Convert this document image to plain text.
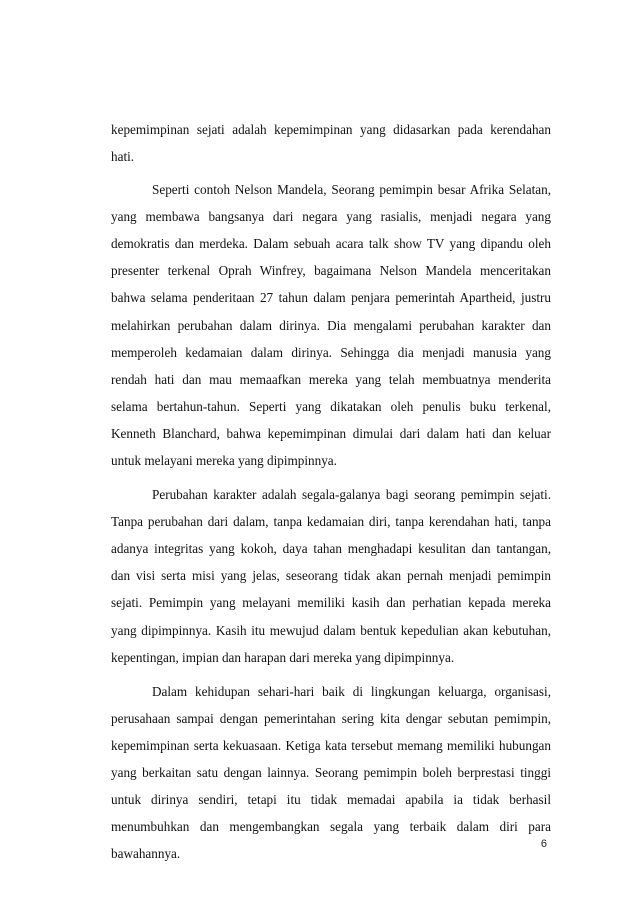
kepemimpinan sejati adalah kepemimpinan yang didasarkan pada kerendahan
hati.
Seperti contoh Nelson Mandela, Seorang pemimpin besar Afrika Selatan,
yang membawa bangsanya dari negara yang rasialis, menjadi negara yang
demokratis dan merdeka. Dalam sebuah acara talk show TV yang dipandu oleh
presenter terkenal Oprah Winfrey, bagaimana Nelson Mandela menceritakan
bahwa selama penderitaan 27 tahun dalam penjara pemerintah Apartheid, justru
melahirkan perubahan dalam dirinya. Dia mengalami perubahan karakter dan
memperoleh kedamaian dalam dirinya. Sehingga dia menjadi manusia yang
rendah hati dan mau memaafkan mereka yang telah membuatnya menderita
selama bertahun-tahun. Seperti yang dikatakan oleh penulis buku terkenal,
Kenneth Blanchard, bahwa kepemimpinan dimulai dari dalam hati dan keluar
untuk melayani mereka yang dipimpinnya.
Perubahan karakter adalah segala-galanya bagi seorang pemimpin sejati.
Tanpa perubahan dari dalam, tanpa kedamaian diri, tanpa kerendahan hati, tanpa
adanya integritas yang kokoh, daya tahan menghadapi kesulitan dan tantangan,
dan visi serta misi yang jelas, seseorang tidak akan pernah menjadi pemimpin
sejati. Pemimpin yang melayani memiliki kasih dan perhatian kepada mereka
yang dipimpinnya. Kasih itu mewujud dalam bentuk kepedulian akan kebutuhan,
kepentingan, impian dan harapan dari mereka yang dipimpinnya.
Dalam kehidupan sehari-hari baik di lingkungan keluarga, organisasi,
perusahaan sampai dengan pemerintahan sering kita dengar sebutan pemimpin,
kepemimpinan serta kekuasaan. Ketiga kata tersebut memang memiliki hubungan
yang berkaitan satu dengan lainnya. Seorang pemimpin boleh berprestasi tinggi
untuk dirinya sendiri, tetapi itu tidak memadai apabila ia tidak berhasil
menumbuhkan dan mengembangkan segala yang terbaik dalam diri para
bawahannya.
6
